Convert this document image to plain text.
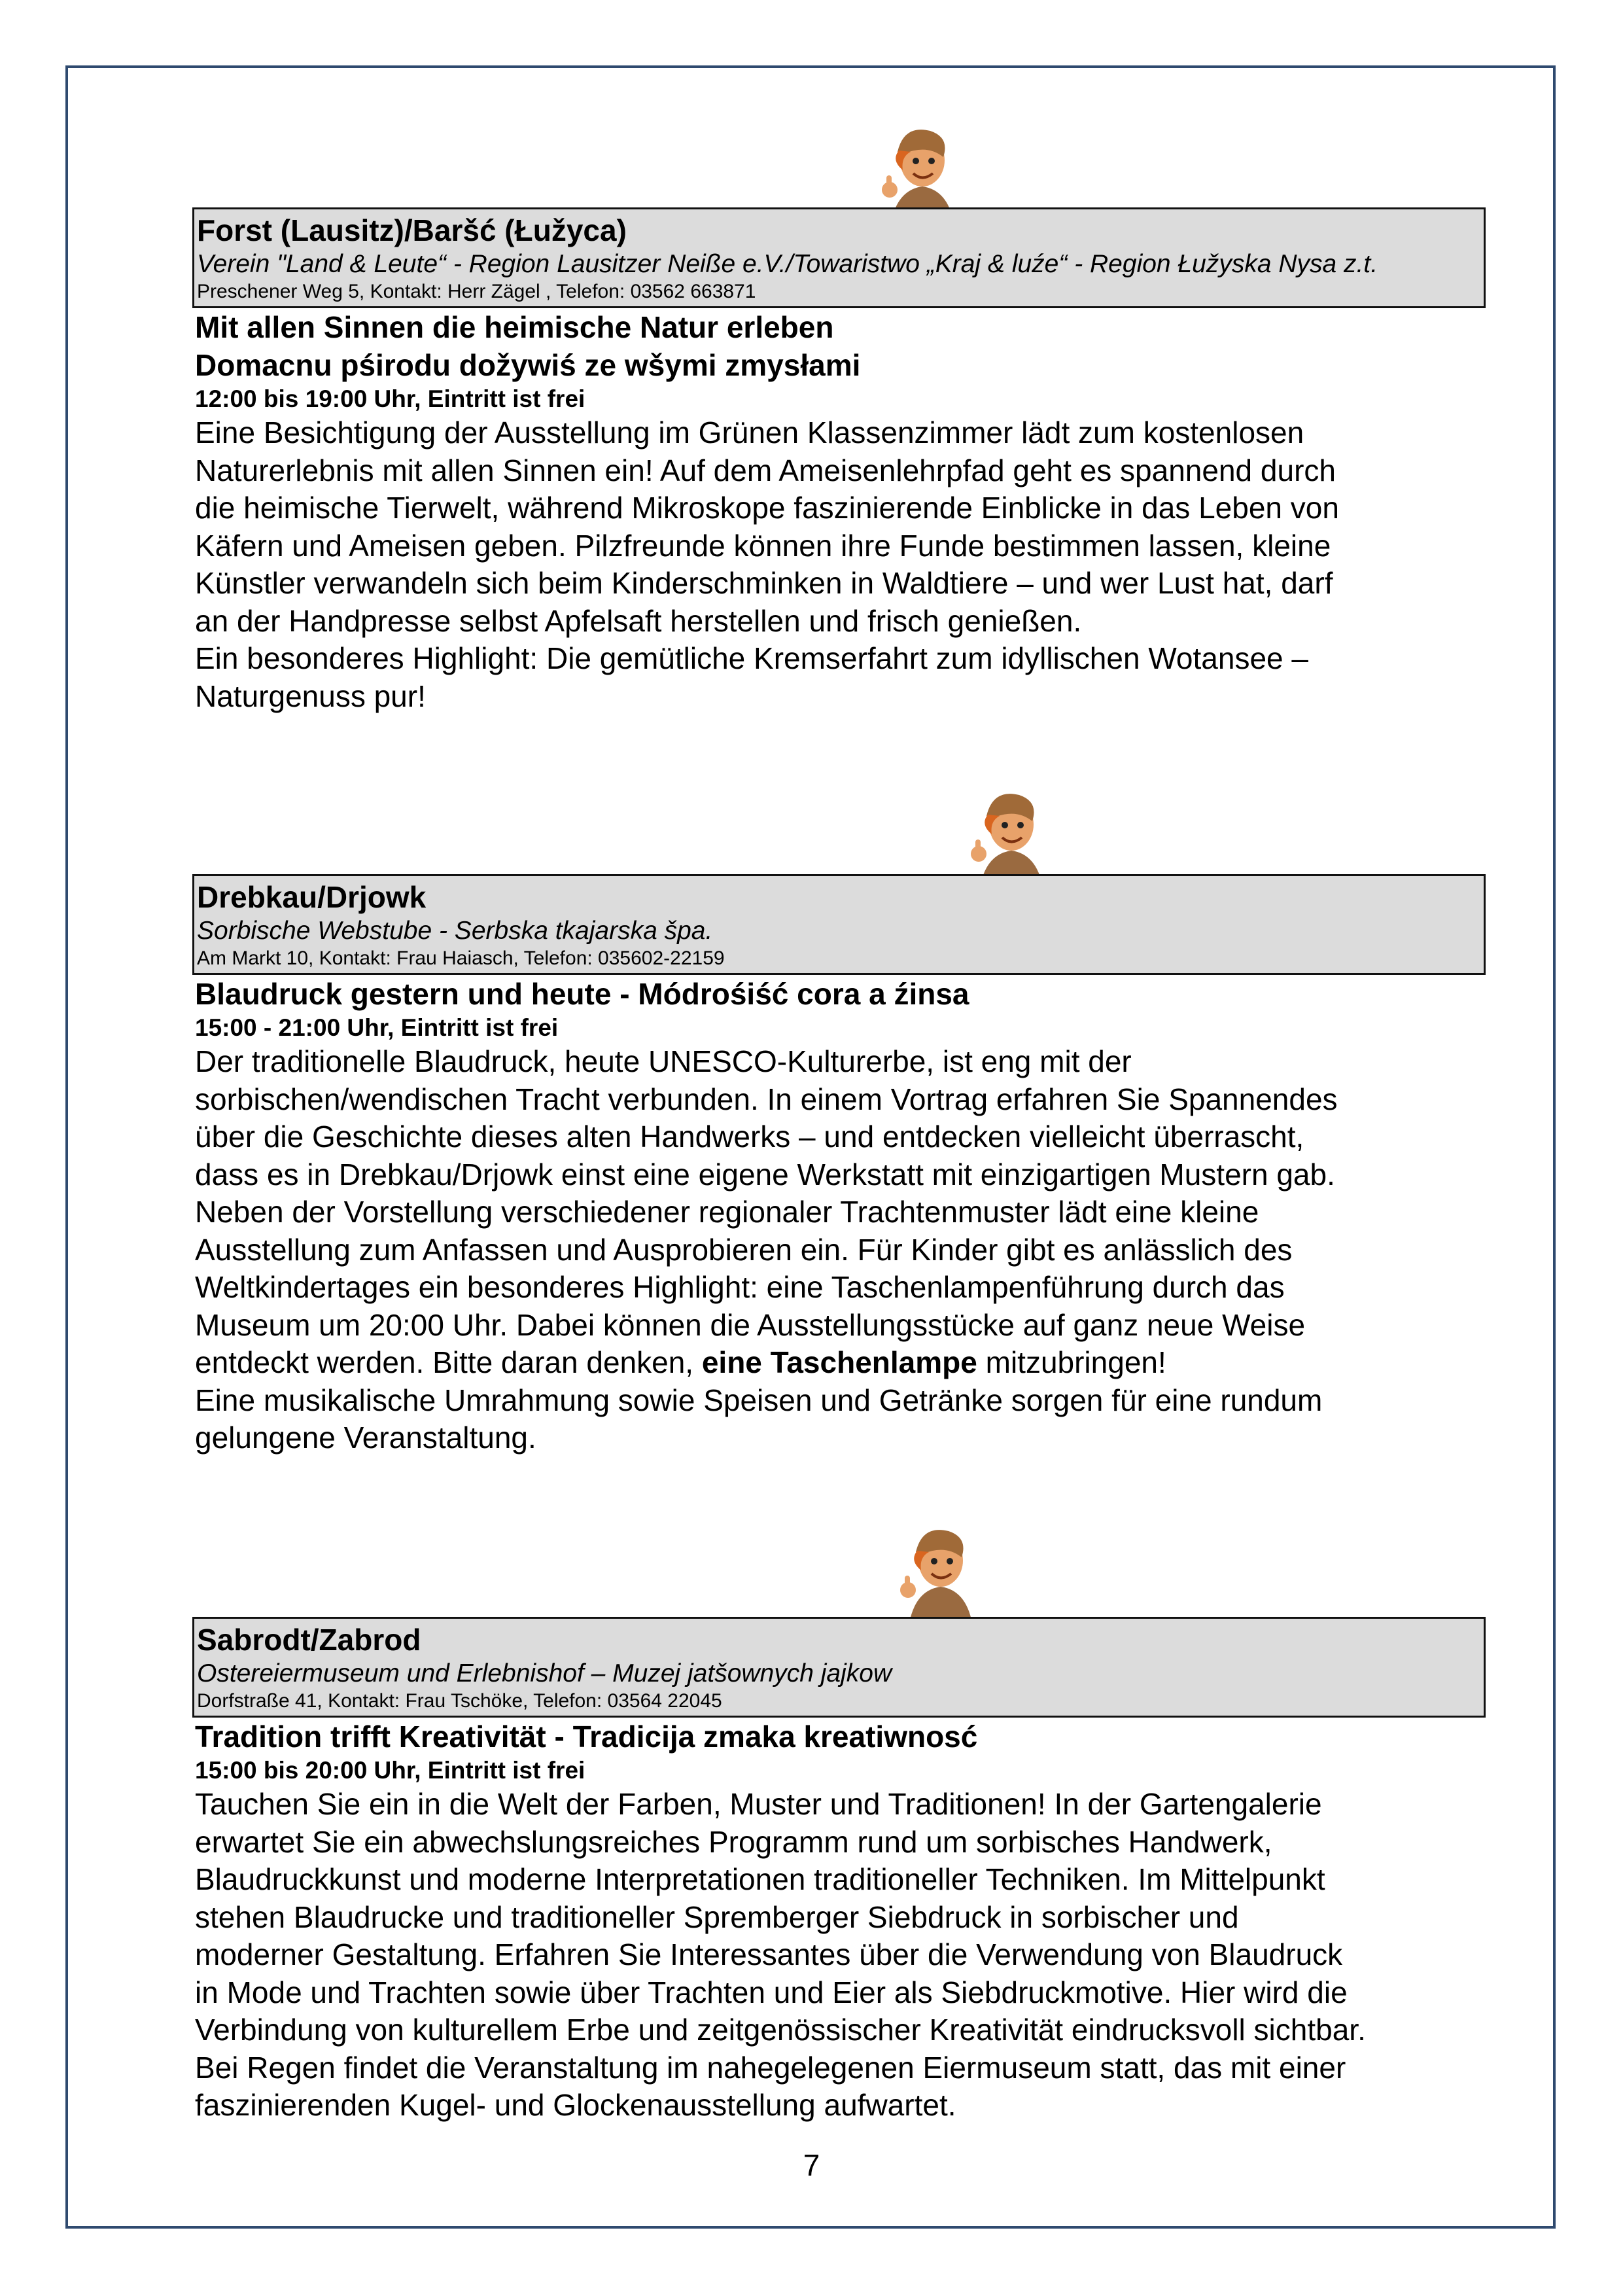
Forst (Lausitz)/Baršć (Łužyca)
Verein "Land & Leute“ - Region Lausitzer Neiße e.V./Towaristwo „Kraj & luźe“ - Region Łužyska Nysa z.t.
Preschener Weg 5, Kontakt: Herr Zägel , Telefon: 03562 663871
Mit allen Sinnen die heimische Natur erleben
Domacnu pśirodu dožywiś ze wšymi zmysłami
12:00 bis 19:00 Uhr, Eintritt ist frei
Eine Besichtigung der Ausstellung im Grünen Klassenzimmer lädt zum kostenlosen
Naturerlebnis mit allen Sinnen ein! Auf dem Ameisenlehrpfad geht es spannend durch
die heimische Tierwelt, während Mikroskope faszinierende Einblicke in das Leben von
Käfern und Ameisen geben. Pilzfreunde können ihre Funde bestimmen lassen, kleine
Künstler verwandeln sich beim Kinderschminken in Waldtiere – und wer Lust hat, darf
an der Handpresse selbst Apfelsaft herstellen und frisch genießen.
Ein besonderes Highlight: Die gemütliche Kremserfahrt zum idyllischen Wotansee –
Naturgenuss pur!
Drebkau/Drjowk
Sorbische Webstube - Serbska tkajarska špa.
Am Markt 10, Kontakt: Frau Haiasch, Telefon: 035602-22159
Blaudruck gestern und heute - Módrośiść cora a źinsa
15:00 - 21:00 Uhr, Eintritt ist frei
Der traditionelle Blaudruck, heute UNESCO-Kulturerbe, ist eng mit der
sorbischen/wendischen Tracht verbunden. In einem Vortrag erfahren Sie Spannendes
über die Geschichte dieses alten Handwerks – und entdecken vielleicht überrascht,
dass es in Drebkau/Drjowk einst eine eigene Werkstatt mit einzigartigen Mustern gab.
Neben der Vorstellung verschiedener regionaler Trachtenmuster lädt eine kleine
Ausstellung zum Anfassen und Ausprobieren ein. Für Kinder gibt es anlässlich des
Weltkindertages ein besonderes Highlight: eine Taschenlampenführung durch das
Museum um 20:00 Uhr. Dabei können die Ausstellungsstücke auf ganz neue Weise
entdeckt werden. Bitte daran denken, eine Taschenlampe mitzubringen!
Eine musikalische Umrahmung sowie Speisen und Getränke sorgen für eine rundum
gelungene Veranstaltung.
Sabrodt/Zabrod
Ostereiermuseum und Erlebnishof – Muzej jatšownych jajkow
Dorfstraße 41, Kontakt: Frau Tschöke, Telefon: 03564 22045
Tradition trifft Kreativität - Tradicija zmaka kreatiwnosć
15:00 bis 20:00 Uhr, Eintritt ist frei
Tauchen Sie ein in die Welt der Farben, Muster und Traditionen! In der Gartengalerie
erwartet Sie ein abwechslungsreiches Programm rund um sorbisches Handwerk,
Blaudruckkunst und moderne Interpretationen traditioneller Techniken. Im Mittelpunkt
stehen Blaudrucke und traditioneller Spremberger Siebdruck in sorbischer und
moderner Gestaltung. Erfahren Sie Interessantes über die Verwendung von Blaudruck
in Mode und Trachten sowie über Trachten und Eier als Siebdruckmotive. Hier wird die
Verbindung von kulturellem Erbe und zeitgenössischer Kreativität eindrucksvoll sichtbar.
Bei Regen findet die Veranstaltung im nahegelegenen Eiermuseum statt, das mit einer
faszinierenden Kugel- und Glockenausstellung aufwartet.
7
